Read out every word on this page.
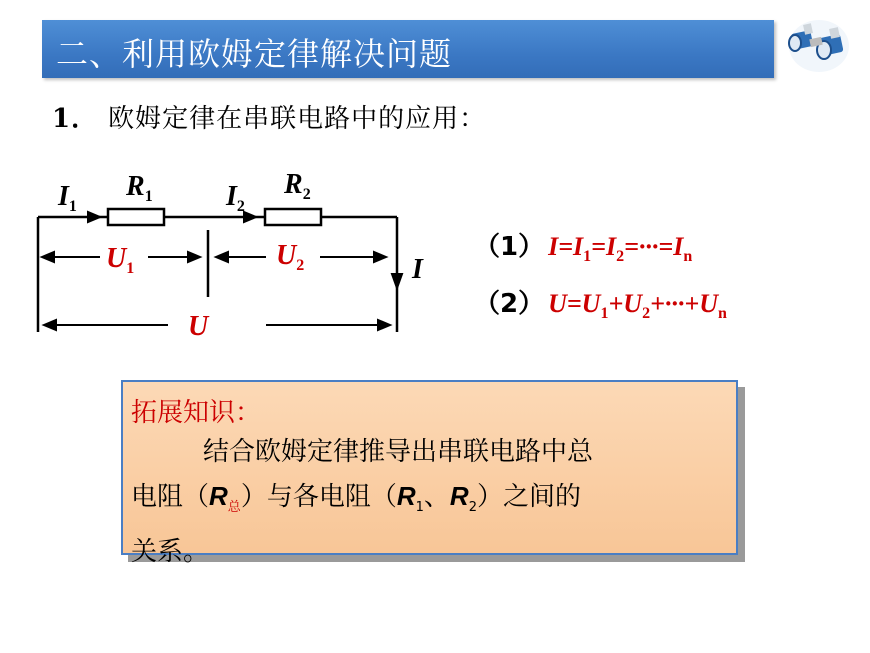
二、利用欧姆定律解决问题
1． 欧姆定律在串联电路中的应用：
$I_1$
$R_1$	$I_2$
$R_2$
$U_1$	$U_2$	I
U
（1） $I=I_1=I_2=\cdot\cdot\cdot=I_n$
（2） $U=U_1+U_2+\cdot\cdot\cdot+U_n$
拓展知识：
结合欧姆定律推导出串联电路中总
电阻$(R_总)$与各电阻（$R_1$、$R_2$）之间的
关系。
